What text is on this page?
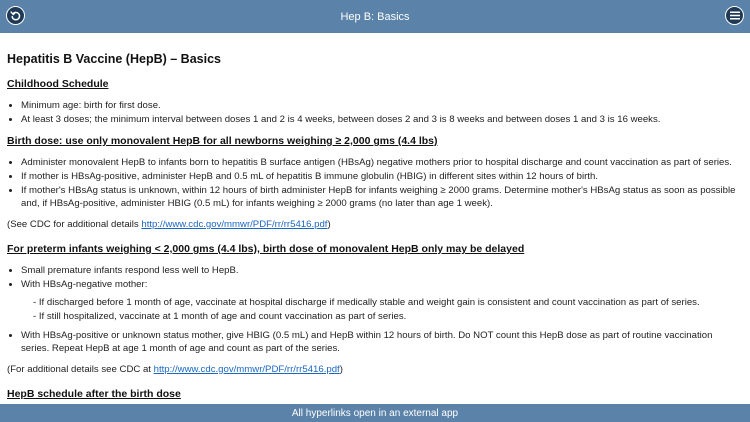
Hep B: Basics
Hepatitis B Vaccine (HepB) – Basics
Childhood Schedule
• Minimum age: birth for first dose.
• At least 3 doses; the minimum interval between doses 1 and 2 is 4 weeks, between doses 2 and 3 is 8 weeks and between doses 1 and 3 is 16 weeks.
Birth dose: use only monovalent HepB for all newborns weighing ≥ 2,000 gms (4.4 lbs)
• Administer monovalent HepB to infants born to hepatitis B surface antigen (HBsAg) negative mothers prior to hospital discharge and count vaccination as part of series.
• If mother is HBsAg-positive, administer HepB and 0.5 mL of hepatitis B immune globulin (HBIG) in different sites within 12 hours of birth.
• If mother's HBsAg status is unknown, within 12 hours of birth administer HepB for infants weighing ≥ 2000 grams. Determine mother's HBsAg status as soon as possible and, if HBsAg-positive, administer HBIG (0.5 mL) for infants weighing ≥ 2000 grams (no later than age 1 week).

(See CDC for additional details http://www.cdc.gov/mmwr/PDF/rr/rr5416.pdf)

For preterm infants weighing < 2,000 gms (4.4 lbs), birth dose of monovalent HepB only may be delayed
• Small premature infants respond less well to HepB.
• With HBsAg-negative mother:
- If discharged before 1 month of age, vaccinate at hospital discharge if medically stable and weight gain is consistent and count vaccination as part of series.
- If still hospitalized, vaccinate at 1 month of age and count vaccination as part of series.
• With HBsAg-positive or unknown status mother, give HBIG (0.5 mL) and HepB within 12 hours of birth. Do NOT count this HepB dose as part of routine vaccination series. Repeat HepB at age 1 month of age and count as part of the series.

(For additional details see CDC at http://www.cdc.gov/mmwr/PDF/rr/rr5416.pdf)

HepB schedule after the birth dose
All hyperlinks open in an external app
